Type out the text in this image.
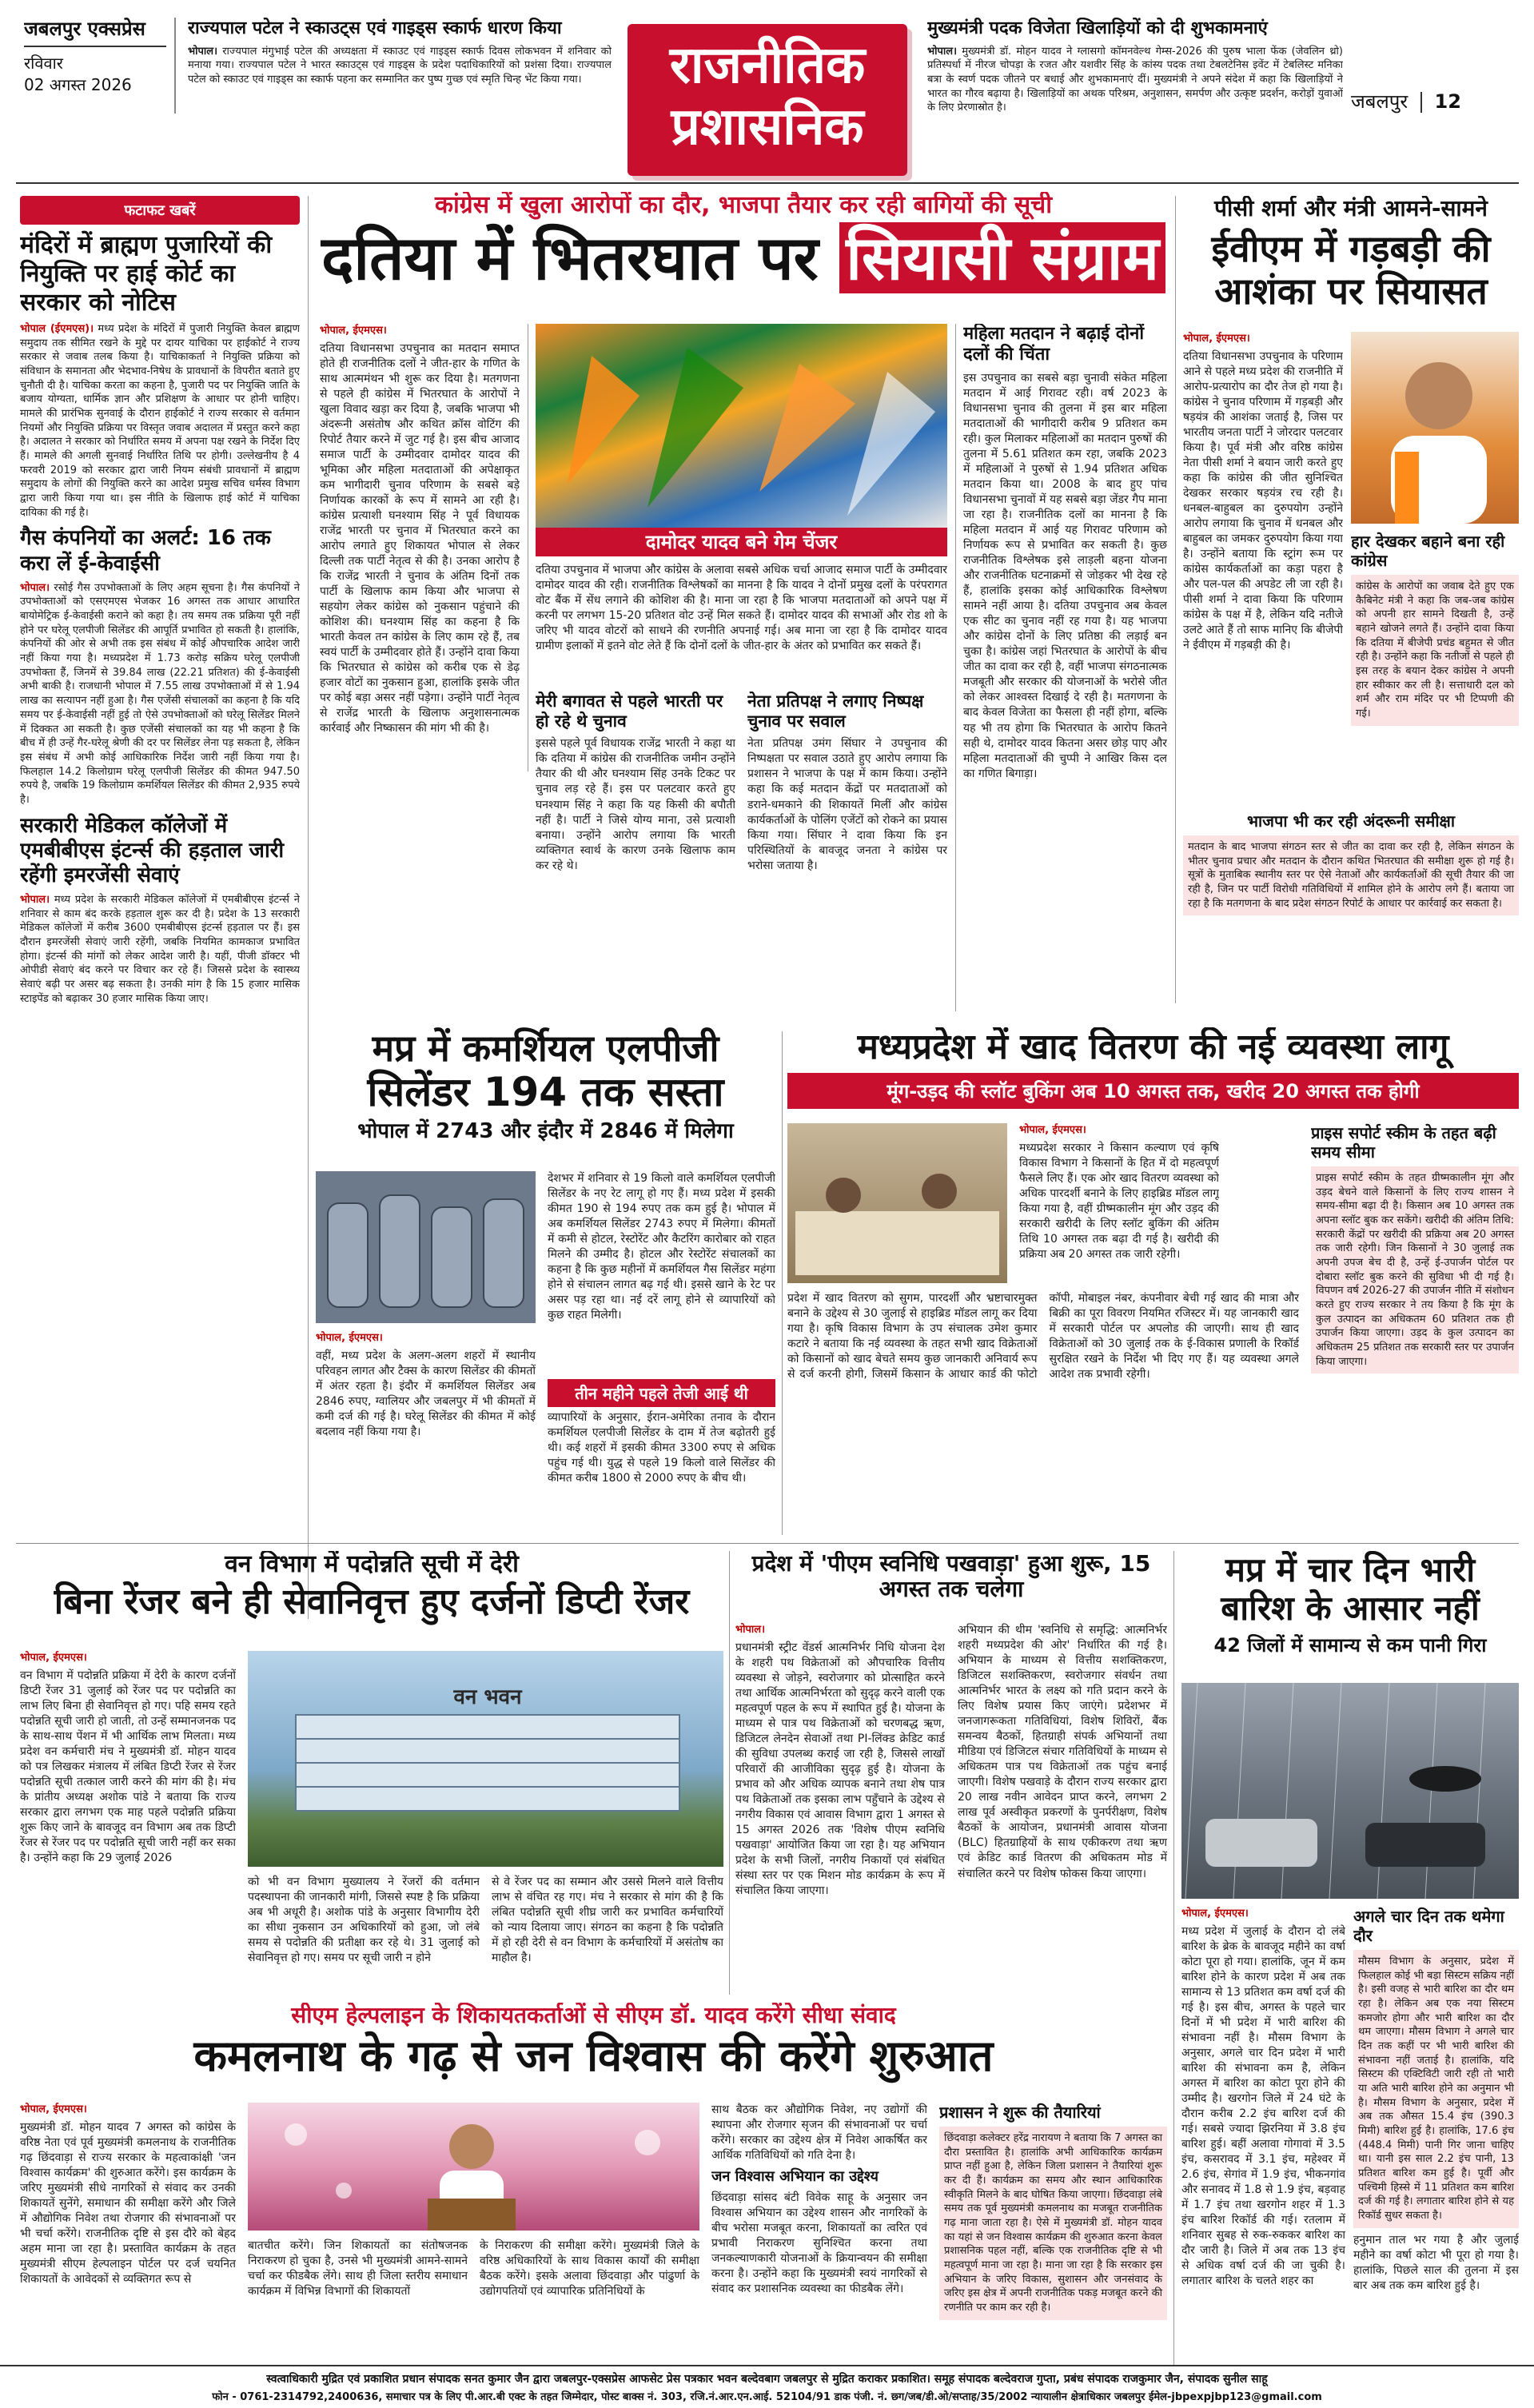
जबलपुर एक्सप्रेस
रविवार
02 अगस्त 2026
राज्यपाल पटेल ने स्काउट्स एवं गाइड्स स्कार्फ धारण किया
भोपाल। राज्यपाल मंगुभाई पटेल की अध्यक्षता में स्काउट एवं गाइड्स स्कार्फ दिवस लोकभवन में शनिवार को मनाया गया। राज्यपाल पटेल ने भारत स्काउट्स एवं गाइड्स के प्रदेश पदाधिकारियों को प्रशंसा दिया। राज्यपाल पटेल को स्काउट एवं गाइड्स का स्कार्फ पहना कर सम्मानित कर पुष्प गुच्छ एवं स्मृति चिन्ह भेंट किया गया।	राजनीतिक
प्रशासनिक
मुख्यमंत्री पदक विजेता खिलाड़ियों को दी शुभकामनाएं
भोपाल। मुख्यमंत्री डॉ. मोहन यादव ने ग्लासगो कॉमनवेल्थ गेम्स-2026 की पुरुष भाला फेंक (जेवलिन थ्रो) प्रतिस्पर्धा में नीरज चोपड़ा के रजत और यशवीर सिंह के कांस्य पदक तथा टेबलटेनिस इवेंट में टेबलिस्ट मनिका बत्रा के स्वर्ण पदक जीतने पर बधाई और शुभकामनाएं दीं। मुख्यमंत्री ने अपने संदेश में कहा कि खिलाड़ियों ने भारत का गौरव बढ़ाया है। खिलाड़ियों का अथक परिश्रम, अनुशासन, समर्पण और उत्कृष्ट प्रदर्शन, करोड़ों युवाओं के लिए प्रेरणास्रोत है।	जबलपुर 12
फटाफट खबरें
मंदिरों में ब्राह्मण पुजारियों की नियुक्ति पर हाई कोर्ट का सरकार को नोटिस
भोपाल (ईएमएस)। मध्य प्रदेश के मंदिरों में पुजारी नियुक्ति केवल ब्राह्मण समुदाय तक सीमित रखने के मुद्दे पर दायर याचिका पर हाईकोर्ट ने राज्य सरकार से जवाब तलब किया है। याचिकाकर्ता ने नियुक्ति प्रक्रिया को संविधान के समानता और भेदभाव-निषेध के प्रावधानों के विपरीत बताते हुए चुनौती दी है। याचिका करता का कहना है, पुजारी पद पर नियुक्ति जाति के बजाय योग्यता, धार्मिक ज्ञान और प्रशिक्षण के आधार पर होनी चाहिए। मामले की प्रारंभिक सुनवाई के दौरान हाईकोर्ट ने राज्य सरकार से वर्तमान नियमों और नियुक्ति प्रक्रिया पर विस्तृत जवाब अदालत में प्रस्तुत करने कहा है। अदालत ने सरकार को निर्धारित समय में अपना पक्ष रखने के निर्देश दिए हैं। मामले की अगली सुनवाई निर्धारित तिथि पर होगी। उल्लेखनीय है 4 फरवरी 2019 को सरकार द्वारा जारी नियम संबंधी प्रावधानों में ब्राह्मण समुदाय के लोगों की नियुक्ति करने का आदेश प्रमुख सचिव धर्मस्व विभाग द्वारा जारी किया गया था। इस नीति के खिलाफ हाई कोर्ट में याचिका दायिका की गई है।
गैस कंपनियों का अलर्ट: 16 तक करा लें ई-केवाईसी
भोपाल। रसोई गैस उपभोक्ताओं के लिए अहम सूचना है। गैस कंपनियों ने उपभोक्ताओं को एसएमएस भेजकर 16 अगस्त तक आधार आधारित बायोमेट्रिक ई-केवाईसी कराने को कहा है। तय समय तक प्रक्रिया पूरी नहीं होने पर घरेलू एलपीजी सिलेंडर की आपूर्ति प्रभावित हो सकती है। हालांकि, कंपनियों की ओर से अभी तक इस संबंध में कोई औपचारिक आदेश जारी नहीं किया गया है। मध्यप्रदेश में 1.73 करोड़ सक्रिय घरेलू एलपीजी उपभोक्ता हैं, जिनमें से 39.84 लाख (22.21 प्रतिशत) की ई-केवाईसी अभी बाकी है। राजधानी भोपाल में 7.55 लाख उपभोक्ताओं में से 1.94 लाख का सत्यापन नहीं हुआ है। गैस एजेंसी संचालकों का कहना है कि यदि समय पर ई-केवाईसी नहीं हुई तो ऐसे उपभोक्ताओं को घरेलू सिलेंडर मिलने में दिक्कत आ सकती है। कुछ एजेंसी संचालकों का यह भी कहना है कि बीच में ही उन्हें गैर-घरेलू श्रेणी की दर पर सिलेंडर लेना पड़ सकता है, लेकिन इस संबंध में अभी कोई आधिकारिक निर्देश जारी नहीं किया गया है। फिलहाल 14.2 किलोग्राम घरेलू एलपीजी सिलेंडर की कीमत 947.50 रुपये है, जबकि 19 किलोग्राम कमर्शियल सिलेंडर की कीमत 2,935 रुपये है।
सरकारी मेडिकल कॉलेजों में एमबीबीएस इंटर्न्स की हड़ताल जारी रहेंगी इमरजेंसी सेवाएं
भोपाल। मध्य प्रदेश के सरकारी मेडिकल कॉलेजों में एमबीबीएस इंटर्न्स ने शनिवार से काम बंद करके हड़ताल शुरू कर दी है। प्रदेश के 13 सरकारी मेडिकल कॉलेजों में करीब 3600 एमबीबीएस इंटर्न्स हड़ताल पर हैं। इस दौरान इमरजेंसी सेवाएं जारी रहेंगी, जबकि नियमित कामकाज प्रभावित होगा। इंटर्न्स की मांगों को लेकर आदेश जारी है। यहीं, पीजी डॉक्टर भी ओपीडी सेवाएं बंद करने पर विचार कर रहे हैं। जिससे प्रदेश के स्वास्थ्य सेवाएं बढ़ी पर असर बढ़ सकता है। उनकी मांग है कि 15 हजार मासिक स्टाइपेंड को बढ़ाकर 30 हजार मासिक किया जाए।
कांग्रेस में खुला आरोपों का दौर, भाजपा तैयार कर रही बागियों की सूची
दतिया में भितरघात पर सियासी संग्राम
भोपाल, ईएमएस।
दतिया विधानसभा उपचुनाव का मतदान समाप्त होते ही राजनीतिक दलों ने जीत-हार के गणित के साथ आत्ममंथन भी शुरू कर दिया है। मतगणना से पहले ही कांग्रेस में भितरघात के आरोपों ने खुला विवाद खड़ा कर दिया है, जबकि भाजपा भी अंदरूनी असंतोष और कथित क्रॉस वोटिंग की रिपोर्ट तैयार करने में जुट गई है। इस बीच आजाद समाज पार्टी के उम्मीदवार दामोदर यादव की भूमिका और महिला मतदाताओं की अपेक्षाकृत कम भागीदारी चुनाव परिणाम के सबसे बड़े निर्णायक कारकों के रूप में सामने आ रही है। कांग्रेस प्रत्याशी घनश्याम सिंह ने पूर्व विधायक राजेंद्र भारती पर चुनाव में भितरघात करने का आरोप लगाते हुए शिकायत भोपाल से लेकर दिल्ली तक पार्टी नेतृत्व से की है। उनका आरोप है कि राजेंद्र भारती ने चुनाव के अंतिम दिनों तक पार्टी के खिलाफ काम किया और भाजपा से सहयोग लेकर कांग्रेस को नुकसान पहुंचाने की कोशिश की। घनश्याम सिंह का कहना है कि भारती केवल तन कांग्रेस के लिए काम रहे हैं, तब स्वयं पार्टी के उम्मीदवार होते हैं। उन्होंने दावा किया कि भितरघात से कांग्रेस को करीब एक से डेढ़ हजार वोटों का नुकसान हुआ, हालांकि इसके जीत पर कोई बड़ा असर नहीं पड़ेगा। उन्होंने पार्टी नेतृत्व से राजेंद्र भारती के खिलाफ अनुशासनात्मक कार्रवाई और निष्कासन की मांग भी की है।
दामोदर यादव बने गेम चेंजर
दतिया उपचुनाव में भाजपा और कांग्रेस के अलावा सबसे अधिक चर्चा आजाद समाज पार्टी के उम्मीदवार दामोदर यादव की रही। राजनीतिक विश्लेषकों का मानना है कि यादव ने दोनों प्रमुख दलों के परंपरागत वोट बैंक में सेंध लगाने की कोशिश की है। माना जा रहा है कि भाजपा मतदाताओं को अपने पक्ष में करनी पर लगभग 15-20 प्रतिशत वोट उन्हें मिल सकते हैं। दामोदर यादव की सभाओं और रोड शो के जरिए भी यादव वोटरों को साधने की रणनीति अपनाई गई। अब माना जा रहा है कि दामोदर यादव ग्रामीण इलाकों में इतने वोट लेते हैं कि दोनों दलों के जीत-हार के अंतर को प्रभावित कर सकते हैं।
मेरी बगावत से पहले भारती पर हो रहे थे चुनाव
इससे पहले पूर्व विधायक राजेंद्र भारती ने कहा था कि दतिया में कांग्रेस की राजनीतिक जमीन उन्होंने तैयार की थी और घनश्याम सिंह उनके टिकट पर चुनाव लड़ रहे हैं। इस पर पलटवार करते हुए घनश्याम सिंह ने कहा कि यह किसी की बपौती नहीं है। पार्टी ने जिसे योग्य माना, उसे प्रत्याशी बनाया। उन्होंने आरोप लगाया कि भारती व्यक्तिगत स्वार्थ के कारण उनके खिलाफ काम कर रहे थे।
नेता प्रतिपक्ष ने लगाए निष्पक्ष चुनाव पर सवाल
नेता प्रतिपक्ष उमंग सिंघार ने उपचुनाव की निष्पक्षता पर सवाल उठाते हुए आरोप लगाया कि प्रशासन ने भाजपा के पक्ष में काम किया। उन्होंने कहा कि कई मतदान केंद्रों पर मतदाताओं को डराने-धमकाने की शिकायतें मिलीं और कांग्रेस कार्यकर्ताओं के पोलिंग एजेंटों को रोकने का प्रयास किया गया। सिंघार ने दावा किया कि इन परिस्थितियों के बावजूद जनता ने कांग्रेस पर भरोसा जताया है।
महिला मतदान ने बढ़ाई दोनों दलों की चिंता
इस उपचुनाव का सबसे बड़ा चुनावी संकेत महिला मतदान में आई गिरावट रही। वर्ष 2023 के विधानसभा चुनाव की तुलना में इस बार महिला मतदाताओं की भागीदारी करीब 9 प्रतिशत कम रही। कुल मिलाकर महिलाओं का मतदान पुरुषों की तुलना में 5.61 प्रतिशत कम रहा, जबकि 2023 में महिलाओं ने पुरुषों से 1.94 प्रतिशत अधिक मतदान किया था। 2008 के बाद हुए पांच विधानसभा चुनावों में यह सबसे बड़ा जेंडर गैप माना जा रहा है। राजनीतिक दलों का मानना है कि महिला मतदान में आई यह गिरावट परिणाम को निर्णायक रूप से प्रभावित कर सकती है। कुछ राजनीतिक विश्लेषक इसे लाड़ली बहना योजना और राजनीतिक घटनाक्रमों से जोड़कर भी देख रहे हैं, हालांकि इसका कोई आधिकारिक विश्लेषण सामने नहीं आया है। दतिया उपचुनाव अब केवल एक सीट का चुनाव नहीं रह गया है। यह भाजपा और कांग्रेस दोनों के लिए प्रतिष्ठा की लड़ाई बन चुका है। कांग्रेस जहां भितरघात के आरोपों के बीच जीत का दावा कर रही है, वहीं भाजपा संगठनात्मक मजबूती और सरकार की योजनाओं के भरोसे जीत को लेकर आश्वस्त दिखाई दे रही है। मतगणना के बाद केवल विजेता का फैसला ही नहीं होगा, बल्कि यह भी तय होगा कि भितरघात के आरोप कितने सही थे, दामोदर यादव कितना असर छोड़ पाए और महिला मतदाताओं की चुप्पी ने आखिर किस दल का गणित बिगाड़ा।
पीसी शर्मा और मंत्री आमने-सामने
ईवीएम में गड़बड़ी की आशंका पर सियासत
भोपाल, ईएमएस।
दतिया विधानसभा उपचुनाव के परिणाम आने से पहले मध्य प्रदेश की राजनीति में आरोप-प्रत्यारोप का दौर तेज हो गया है। कांग्रेस ने चुनाव परिणाम में गड़बड़ी और षड़यंत्र की आशंका जताई है, जिस पर भारतीय जनता पार्टी ने जोरदार पलटवार किया है। पूर्व मंत्री और वरिष्ठ कांग्रेस नेता पीसी शर्मा ने बयान जारी करते हुए कहा कि कांग्रेस की जीत सुनिश्चित देखकर सरकार षड़यंत्र रच रही है। धनबल-बाहुबल का दुरुपयोग उन्होंने आरोप लगाया कि चुनाव में धनबल और बाहुबल का जमकर दुरुपयोग किया गया है। उन्होंने बताया कि स्ट्रांग रूम पर कांग्रेस कार्यकर्ताओं का कड़ा पहरा है और पल-पल की अपडेट ली जा रही है। पीसी शर्मा ने दावा किया कि परिणाम कांग्रेस के पक्ष में है, लेकिन यदि नतीजे उलटे आते हैं तो साफ मानिए कि बीजेपी ने ईवीएम में गड़बड़ी की है।
हार देखकर बहाने बना रही कांग्रेस
कांग्रेस के आरोपों का जवाब देते हुए एक कैबिनेट मंत्री ने कहा कि जब-जब कांग्रेस को अपनी हार सामने दिखती है, उन्हें बहाने खोजने लगते हैं। उन्होंने दावा किया कि दतिया में बीजेपी प्रचंड बहुमत से जीत रही है। उन्होंने कहा कि नतीजों से पहले ही इस तरह के बयान देकर कांग्रेस ने अपनी हार स्वीकार कर ली है। सत्ताधारी दल को शर्म और राम मंदिर पर भी टिप्पणी की गई।
भाजपा भी कर रही अंदरूनी समीक्षा
मतदान के बाद भाजपा संगठन स्तर से जीत का दावा कर रही है, लेकिन संगठन के भीतर चुनाव प्रचार और मतदान के दौरान कथित भितरघात की समीक्षा शुरू हो गई है। सूत्रों के मुताबिक स्थानीय स्तर पर ऐसे नेताओं और कार्यकर्ताओं की सूची तैयार की जा रही है, जिन पर पार्टी विरोधी गतिविधियों में शामिल होने के आरोप लगे हैं। बताया जा रहा है कि मतगणना के बाद प्रदेश संगठन रिपोर्ट के आधार पर कार्रवाई कर सकता है।
मप्र में कमर्शियल एलपीजी
सिलेंडर 194 तक सस्ता
भोपाल में 2743 और इंदौर में 2846 में मिलेगा
भोपाल, ईएमएस।
वहीं, मध्य प्रदेश के अलग-अलग शहरों में स्थानीय परिवहन लागत और टैक्स के कारण सिलेंडर की कीमतों में अंतर रहता है। इंदौर में कमर्शियल सिलेंडर अब 2846 रुपए, ग्वालियर और जबलपुर में भी कीमतों में कमी दर्ज की गई है। घरेलू सिलेंडर की कीमत में कोई बदलाव नहीं किया गया है।
देशभर में शनिवार से 19 किलो वाले कमर्शियल एलपीजी सिलेंडर के नए रेट लागू हो गए हैं। मध्य प्रदेश में इसकी कीमत 190 से 194 रुपए तक कम हुई है। भोपाल में अब कमर्शियल सिलेंडर 2743 रुपए में मिलेगा। कीमतों में कमी से होटल, रेस्टोरेंट और कैटरिंग कारोबार को राहत मिलने की उम्मीद है। होटल और रेस्टोरेंट संचालकों का कहना है कि कुछ महीनों में कमर्शियल गैस सिलेंडर महंगा होने से संचालन लागत बढ़ गई थी। इससे खाने के रेट पर असर पड़ रहा था। नई दरें लागू होने से व्यापारियों को कुछ राहत मिलेगी।
तीन महीने पहले तेजी आई थी
व्यापारियों के अनुसार, ईरान-अमेरिका तनाव के दौरान कमर्शियल एलपीजी सिलेंडर के दाम में तेज बढ़ोतरी हुई थी। कई शहरों में इसकी कीमत 3300 रुपए से अधिक पहुंच गई थी। युद्ध से पहले 19 किलो वाले सिलेंडर की कीमत करीब 1800 से 2000 रुपए के बीच थी।
मध्यप्रदेश में खाद वितरण की नई व्यवस्था लागू
मूंग-उड़द की स्लॉट बुकिंग अब 10 अगस्त तक, खरीद 20 अगस्त तक होगी
भोपाल, ईएमएस।
मध्यप्रदेश सरकार ने किसान कल्याण एवं कृषि विकास विभाग ने किसानों के हित में दो महत्वपूर्ण फैसले लिए हैं। एक ओर खाद वितरण व्यवस्था को अधिक पारदर्शी बनाने के लिए हाइब्रिड मॉडल लागू किया गया है, वहीं ग्रीष्मकालीन मूंग और उड़द की सरकारी खरीदी के लिए स्लॉट बुकिंग की अंतिम तिथि 10 अगस्त तक बढ़ा दी गई है। खरीदी की प्रक्रिया अब 20 अगस्त तक जारी रहेगी।
प्रदेश में खाद वितरण को सुगम, पारदर्शी और भ्रष्टाचारमुक्त बनाने के उद्देश्य से 30 जुलाई से हाइब्रिड मॉडल लागू कर दिया गया है। कृषि विकास विभाग के उप संचालक उमेश कुमार कटारे ने बताया कि नई व्यवस्था के तहत सभी खाद विक्रेताओं को किसानों को खाद बेचते समय कुछ जानकारी अनिवार्य रूप से दर्ज करनी होगी, जिसमें किसान के आधार कार्ड की फोटो कॉपी, मोबाइल नंबर, कंपनीवार बेची गई खाद की मात्रा और बिक्री का पूरा विवरण नियमित रजिस्टर में। यह जानकारी खाद में सरकारी पोर्टल पर अपलोड की जाएगी। साथ ही खाद विक्रेताओं को 30 जुलाई तक के ई-विकास प्रणाली के रिकॉर्ड सुरक्षित रखने के निर्देश भी दिए गए हैं। यह व्यवस्था अगले आदेश तक प्रभावी रहेगी।
प्राइस सपोर्ट स्कीम के तहत बढ़ी समय सीमा
प्राइस सपोर्ट स्कीम के तहत ग्रीष्मकालीन मूंग और उड़द बेचने वाले किसानों के लिए राज्य शासन ने समय-सीमा बढ़ा दी है। किसान अब 10 अगस्त तक अपना स्लॉट बुक कर सकेंगे। खरीदी की अंतिम तिथि: सरकारी केंद्रों पर खरीदी की प्रक्रिया अब 20 अगस्त तक जारी रहेगी। जिन किसानों ने 30 जुलाई तक अपनी उपज बेच दी है, उन्हें ई-उपार्जन पोर्टल पर दोबारा स्लॉट बुक करने की सुविधा भी दी गई है। विपणन वर्ष 2026-27 की उपार्जन नीति में संशोधन करते हुए राज्य सरकार ने तय किया है कि मूंग के कुल उत्पादन का अधिकतम 60 प्रतिशत तक ही उपार्जन किया जाएगा। उड़द के कुल उत्पादन का अधिकतम 25 प्रतिशत तक सरकारी स्तर पर उपार्जन किया जाएगा।
वन विभाग में पदोन्नति सूची में देरी
बिना रेंजर बने ही सेवानिवृत्त हुए दर्जनों डिप्टी रेंजर
भोपाल, ईएमएस।
वन विभाग में पदोन्नति प्रक्रिया में देरी के कारण दर्जनों डिप्टी रेंजर 31 जुलाई को रेंजर पद पर पदोन्नति का लाभ लिए बिना ही सेवानिवृत्त हो गए। पहि समय रहते पदोन्नति सूची जारी हो जाती, तो उन्हें सम्मानजनक पद के साथ-साथ पेंशन में भी आर्थिक लाभ मिलता। मध्य प्रदेश वन कर्मचारी मंच ने मुख्यमंत्री डॉ. मोहन यादव को पत्र लिखकर मंत्रालय में लंबित डिप्टी रेंजर से रेंजर पदोन्नति सूची तत्काल जारी करने की मांग की है। मंच के प्रांतीय अध्यक्ष अशोक पांडे ने बताया कि राज्य सरकार द्वारा लगभग एक माह पहले पदोन्नति प्रक्रिया शुरू किए जाने के बावजूद वन विभाग अब तक डिप्टी रेंजर से रेंजर पद पर पदोन्नति सूची जारी नहीं कर सका है। उन्होंने कहा कि 29 जुलाई 2026
वन भवन
को भी वन विभाग मुख्यालय ने रेंजरों की वर्तमान पदस्थापना की जानकारी मांगी, जिससे स्पष्ट है कि प्रक्रिया अब भी अधूरी है। अशोक पांडे के अनुसार विभागीय देरी का सीधा नुकसान उन अधिकारियों को हुआ, जो लंबे समय से पदोन्नति की प्रतीक्षा कर रहे थे। 31 जुलाई को सेवानिवृत्त हो गए। समय पर सूची जारी न होने
से वे रेंजर पद का सम्मान और उससे मिलने वाले वित्तीय लाभ से वंचित रह गए। मंच ने सरकार से मांग की है कि लंबित पदोन्नति सूची शीघ्र जारी कर प्रभावित कर्मचारियों को न्याय दिलाया जाए। संगठन का कहना है कि पदोन्नति में हो रही देरी से वन विभाग के कर्मचारियों में असंतोष का माहौल है।
प्रदेश में 'पीएम स्वनिधि पखवाड़ा' हुआ शुरू, 15 अगस्त तक चलेगा
भोपाल।
प्रधानमंत्री स्ट्रीट वेंडर्स आत्मनिर्भर निधि योजना देश के शहरी पथ विक्रेताओं को औपचारिक वित्तीय व्यवस्था से जोड़ने, स्वरोजगार को प्रोत्साहित करने तथा आर्थिक आत्मनिर्भरता को सुदृढ़ करने वाली एक महत्वपूर्ण पहल के रूप में स्थापित हुई है। योजना के माध्यम से पात्र पथ विक्रेताओं को चरणबद्ध ऋण, डिजिटल लेनदेन सेवाओं तथा PI-लिंक्ड क्रेडिट कार्ड की सुविधा उपलब्ध कराई जा रही है, जिससे लाखों परिवारों की आजीविका सुदृढ़ हुई है। योजना के प्रभाव को और अधिक व्यापक बनाने तथा शेष पात्र पथ विक्रेताओं तक इसका लाभ पहुँचाने के उद्देश्य से नगरीय विकास एवं आवास विभाग द्वारा 1 अगस्त से 15 अगस्त 2026 तक 'विशेष पीएम स्वनिधि पखवाड़ा' आयोजित किया जा रहा है। यह अभियान प्रदेश के सभी जिलों, नगरीय निकायों एवं संबंधित संस्था स्तर पर एक मिशन मोड कार्यक्रम के रूप में संचालित किया जाएगा।
अभियान की थीम 'स्वनिधि से समृद्धि: आत्मनिर्भर शहरी मध्यप्रदेश की ओर' निर्धारित की गई है। अभियान के माध्यम से वित्तीय सशक्तिकरण, डिजिटल सशक्तिकरण, स्वरोजगार संवर्धन तथा आत्मनिर्भर भारत के लक्ष्य को गति प्रदान करने के लिए विशेष प्रयास किए जाएंगे। प्रदेशभर में जनजागरूकता गतिविधियां, विशेष शिविरों, बैंक समन्वय बैठकों, हितग्राही संपर्क अभियानों तथा मीडिया एवं डिजिटल संचार गतिविधियों के माध्यम से अधिकतम पात्र पथ विक्रेताओं तक पहुंच बनाई जाएगी। विशेष पखवाड़े के दौरान राज्य सरकार द्वारा 20 लाख नवीन आवेदन प्राप्त करने, लगभग 2 लाख पूर्व अस्वीकृत प्रकरणों के पुनर्परीक्षण, विशेष बैठकों के आयोजन, प्रधानमंत्री आवास योजना (BLC) हितग्राहियों के साथ एकीकरण तथा ऋण एवं क्रेडिट कार्ड वितरण की अधिकतम मोड में संचालित करने पर विशेष फोकस किया जाएगा।
मप्र में चार दिन भारी
बारिश के आसार नहीं
42 जिलों में सामान्य से कम पानी गिरा
भोपाल, ईएमएस।
मध्य प्रदेश में जुलाई के दौरान दो लंबे बारिश के ब्रेक के बावजूद महीने का वर्षा कोटा पूरा हो गया। हालांकि, जून में कम बारिश होने के कारण प्रदेश में अब तक सामान्य से 13 प्रतिशत कम वर्षा दर्ज की गई है। इस बीच, अगस्त के पहले चार दिनों में भी प्रदेश में भारी बारिश की संभावना नहीं है। मौसम विभाग के अनुसार, अगले चार दिन प्रदेश में भारी बारिश की संभावना कम है, लेकिन अगस्त में बारिश का कोटा पूरा होने की उम्मीद है। खरगोन जिले में 24 घंटे के दौरान करीब 2.2 इंच बारिश दर्ज की गई। सबसे ज्यादा झिरनिया में 3.8 इंच बारिश हुई। बहीं अलावा गोगावां में 3.5 इंच, कसरावद में 3.1 इंच, महेश्वर में 2.6 इंच, सेगांव में 1.9 इंच, भीकनगांव और सनावद में 1.8 से 1.9 इंच, बड़वाह में 1.7 इंच तथा खरगोन शहर में 1.3 इंच बारिश रिकॉर्ड की गई। रतलाम में शनिवार सुबह से रुक-रुककर बारिश का दौर जारी है। जिले में अब तक 13 इंच से अधिक वर्षा दर्ज की जा चुकी है। लगातार बारिश के चलते शहर का
अगले चार दिन तक थमेगा दौर
मौसम विभाग के अनुसार, प्रदेश में फिलहाल कोई भी बड़ा सिस्टम सक्रिय नहीं है। इसी वजह से भारी बारिश का दौर थम रहा है। लेकिन अब एक नया सिस्टम कमजोर होगा और भारी बारिश का दौर थम जाएगा। मौसम विभाग ने अगले चार दिन तक कहीं पर भी भारी बारिश की संभावना नहीं जताई है। हालांकि, यदि सिस्टम की एक्टिविटी जारी रही तो भारी या अति भारी बारिश होने का अनुमान भी है। मौसम विभाग के अनुसार, प्रदेश में अब तक औसत 15.4 इंच (390.3 मिमी) बारिश हुई है। हालांकि, 17.6 इंच (448.4 मिमी) पानी गिर जाना चाहिए था। यानी इस साल 2.2 इंच पानी, 13 प्रतिशत बारिश कम हुई है। पूर्वी और पश्चिमी हिस्से में 11 प्रतिशत कम बारिश दर्ज की गई है। लगातार बारिश होने से यह रिकॉर्ड सुधर सकता है।
हनुमान ताल भर गया है और जुलाई महीने का वर्षा कोटा भी पूरा हो गया है। हालांकि, पिछले साल की तुलना में इस बार अब तक कम बारिश हुई है।
सीएम हेल्पलाइन के शिकायतकर्ताओं से सीएम डॉ. यादव करेंगे सीधा संवाद
कमलनाथ के गढ़ से जन विश्वास की करेंगे शुरुआत
भोपाल, ईएमएस।
मुख्यमंत्री डॉ. मोहन यादव 7 अगस्त को कांग्रेस के वरिष्ठ नेता एवं पूर्व मुख्यमंत्री कमलनाथ के राजनीतिक गढ़ छिंदवाड़ा से राज्य सरकार के महत्वाकांक्षी 'जन विश्वास कार्यक्रम' की शुरुआत करेंगे। इस कार्यक्रम के जरिए मुख्यमंत्री सीधे नागरिकों से संवाद कर उनकी शिकायतें सुनेंगे, समाधान की समीक्षा करेंगे और जिले में औद्योगिक निवेश तथा रोजगार की संभावनाओं पर भी चर्चा करेंगे। राजनीतिक दृष्टि से इस दौरे को बेहद अहम माना जा रहा है। प्रस्तावित कार्यक्रम के तहत मुख्यमंत्री सीएम हेल्पलाइन पोर्टल पर दर्ज चयनित शिकायतों के आवेदकों से व्यक्तिगत रूप से
बातचीत करेंगे। जिन शिकायतों का संतोषजनक निराकरण हो चुका है, उनसे भी मुख्यमंत्री आमने-सामने चर्चा कर फीडबैक लेंगे। साथ ही जिला स्तरीय समाधान कार्यक्रम में विभिन्न विभागों की शिकायतों
के निराकरण की समीक्षा करेंगे। मुख्यमंत्री जिले के वरिष्ठ अधिकारियों के साथ विकास कार्यों की समीक्षा बैठक करेंगे। इसके अलावा छिंदवाड़ा और पांढुर्णा के उद्योगपतियों एवं व्यापारिक प्रतिनिधियों के
साथ बैठक कर औद्योगिक निवेश, नए उद्योगों की स्थापना और रोजगार सृजन की संभावनाओं पर चर्चा करेंगे। सरकार का उद्देश्य क्षेत्र में निवेश आकर्षित कर आर्थिक गतिविधियों को गति देना है।
जन विश्वास अभियान का उद्देश्य
छिंदवाड़ा सांसद बंटी विवेक साहू के अनुसार जन विश्वास अभियान का उद्देश्य शासन और नागरिकों के बीच भरोसा मजबूत करना, शिकायतों का त्वरित एवं प्रभावी निराकरण सुनिश्चित करना तथा जनकल्याणकारी योजनाओं के क्रियान्वयन की समीक्षा करना है। उन्होंने कहा कि मुख्यमंत्री स्वयं नागरिकों से संवाद कर प्रशासनिक व्यवस्था का फीडबैक लेंगे।
प्रशासन ने शुरू की तैयारियां
छिंदवाड़ा कलेक्टर हरेंद्र नारायण ने बताया कि 7 अगस्त का दौरा प्रस्तावित है। हालांकि अभी आधिकारिक कार्यक्रम प्राप्त नहीं हुआ है, लेकिन जिला प्रशासन ने तैयारियां शुरू कर दी हैं। कार्यक्रम का समय और स्थान आधिकारिक स्वीकृति मिलने के बाद घोषित किया जाएगा। छिंदवाड़ा लंबे समय तक पूर्व मुख्यमंत्री कमलनाथ का मजबूत राजनीतिक गढ़ माना जाता रहा है। ऐसे में मुख्यमंत्री डॉ. मोहन यादव का यहां से जन विश्वास कार्यक्रम की शुरुआत करना केवल प्रशासनिक पहल नहीं, बल्कि एक राजनीतिक दृष्टि से भी महत्वपूर्ण माना जा रहा है। माना जा रहा है कि सरकार इस अभियान के जरिए विकास, सुशासन और जनसंवाद के जरिए इस क्षेत्र में अपनी राजनीतिक पकड़ मजबूत करने की रणनीति पर काम कर रही है।
स्वत्वाधिकारी मुद्रित एवं प्रकाशित प्रधान संपादक सनत कुमार जैन द्वारा जबलपुर-एक्सप्रेस आफसेट प्रेस पत्रकार भवन बल्देवबाग जबलपुर से मुद्रित कराकर प्रकाशित। समूह संपादक बल्देवराज गुप्ता, प्रबंध संपादक राजकुमार जैन, संपादक सुनील साहू
फोन - 0761-2314792,2400636, समाचार पत्र के लिए पी.आर.बी एक्ट के तहत जिम्मेदार, पोस्ट बाक्स नं. 303, रजि.नं.आर.एन.आई. 52104/91 डाक पंजी. नं. छ्ग/जब/डी.ओ/सप्ताह/35/2002 न्यायालीन क्षेत्राधिकार जबलपुर ईमेल-jbpexpjbp123@gmail.com
